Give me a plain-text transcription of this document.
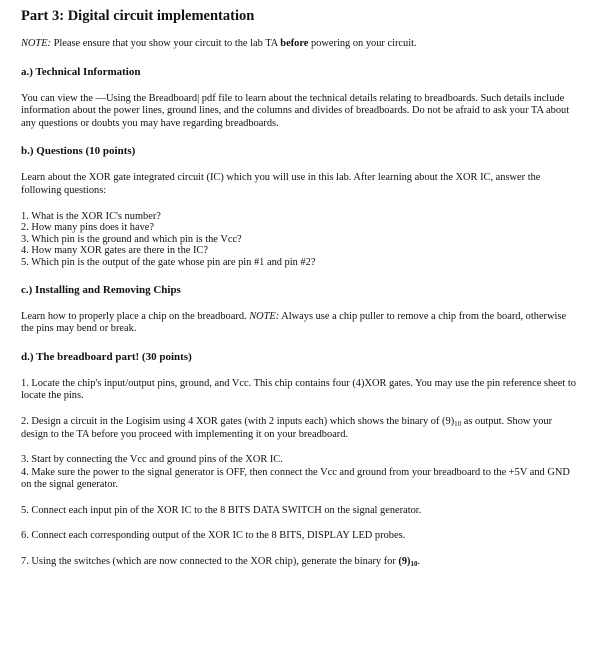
Part 3: Digital circuit implementation

NOTE: Please ensure that you show your circuit to the lab TA before powering on your circuit.

a.) Technical Information

You can view the —Using the Breadboard| pdf file to learn about the technical details relating to breadboards. Such details include information about the power lines, ground lines, and the columns and divides of breadboards. Do not be afraid to ask your TA about any questions or doubts you may have regarding breadboards.

b.) Questions (10 points)

Learn about the XOR gate integrated circuit (IC) which you will use in this lab. After learning about the XOR IC, answer the following questions:

1. What is the XOR IC's number?
2. How many pins does it have?
3. Which pin is the ground and which pin is the Vcc?
4. How many XOR gates are there in the IC?
5. Which pin is the output of the gate whose pin are pin #1 and pin #2?
c.) Installing and Removing Chips

Learn how to properly place a chip on the breadboard. NOTE: Always use a chip puller to remove a chip from the board, otherwise the pins may bend or break.

d.) The breadboard part! (30 points)

1. Locate the chip's input/output pins, ground, and Vcc. This chip contains four (4)XOR gates. You may use the pin reference sheet to locate the pins.

2. Design a circuit in the Logisim using 4 XOR gates (with 2 inputs each) which shows the binary of $(9)_{10}$ as output. Show your design to the TA before you proceed with implementing it on your breadboard.

3. Start by connecting the Vcc and ground pins of the XOR IC.

4. Make sure the power to the signal generator is OFF, then connect the Vcc and ground from your breadboard to the +5V and GND on the signal generator.

5. Connect each input pin of the XOR IC to the 8 BITS DATA SWITCH on the signal generator.

6. Connect each corresponding output of the XOR IC to the 8 BITS, DISPLAY LED probes.

7. Using the switches (which are now connected to the XOR chip), generate the binary for $(9)_{10}$.
